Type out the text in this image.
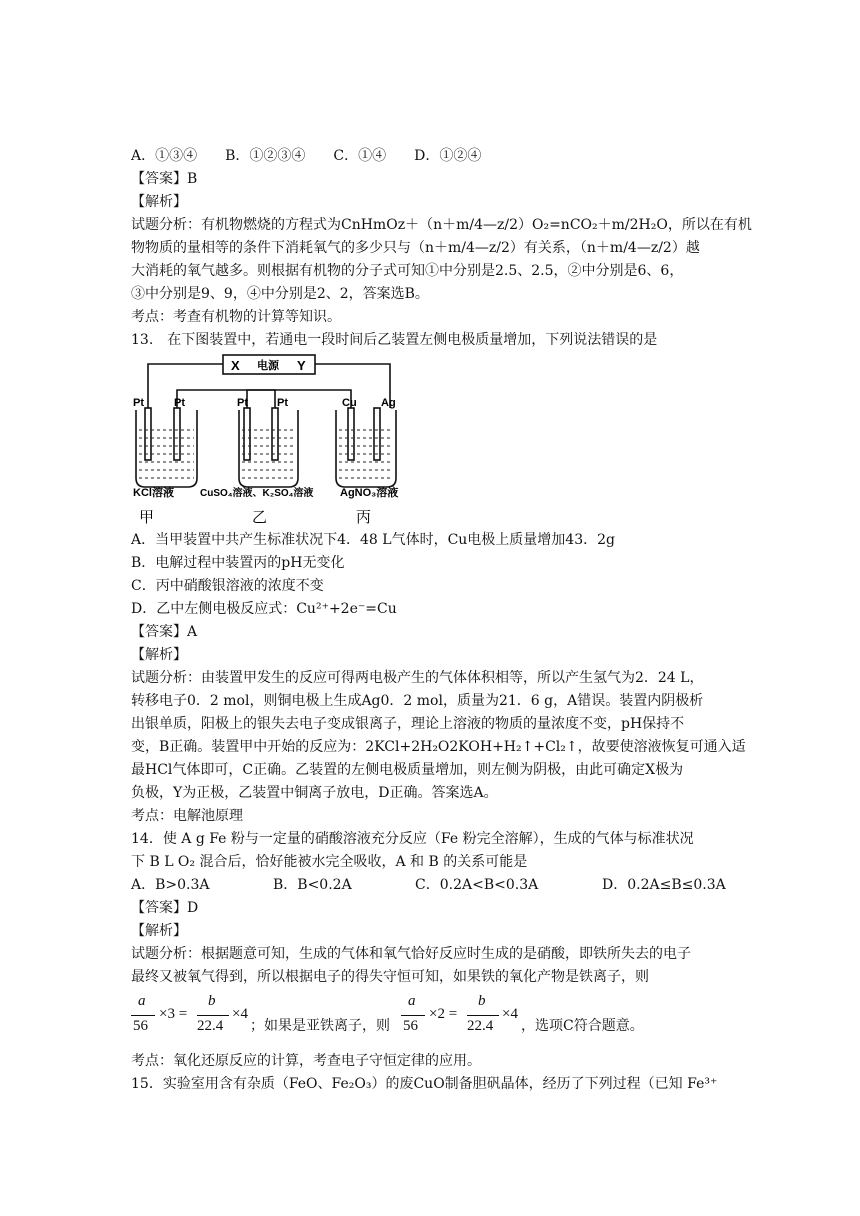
A．①③④　　B．①②③④　　C．①④　　D．①②④
【答案】B
【解析】
试题分析：有机物燃烧的方程式为CnHmOz＋（n＋m/4—z/2）O₂=nCO₂＋m/2H₂O，所以在有机
物物质的量相等的条件下消耗氧气的多少只与（n＋m/4—z/2）有关系，（n＋m/4—z/2）越
大消耗的氧气越多。则根据有机物的分子式可知①中分别是2.5、2.5，②中分别是6、6，
③中分别是9、9，④中分别是2、2，答案选B。
考点：考查有机物的计算等知识。
13.　在下图装置中，若通电一段时间后乙装置左侧电极质量增加，下列说法错误的是
X 电源 Y
Pt	Pt	Pt	Pt	Cu Ag
KCl溶液	CuSO₄溶液、K₂SO₄溶液 AgNO₃溶液
甲	乙	丙
A．当甲装置中共产生标准状况下4．48 L气体时，Cu电极上质量增加43．2g
B．电解过程中装置丙的pH无变化
C．丙中硝酸银溶液的浓度不变
D．乙中左侧电极反应式：Cu²⁺+2e⁻=Cu
【答案】A
【解析】
试题分析：由装置甲发生的反应可得两电极产生的气体体积相等，所以产生氢气为2．24 L，
转移电子0．2 mol，则铜电极上生成Ag0．2 mol，质量为21．6 g，A错误。装置内阴极析
出银单质，阳极上的银失去电子变成银离子，理论上溶液的物质的量浓度不变，pH保持不
变，B正确。装置甲中开始的反应为：2KCl+2H₂O2KOH+H₂↑+Cl₂↑，故要使溶液恢复可通入适
最HCl气体即可，C正确。乙装置的左侧电极质量增加，则左侧为阴极，由此可确定X极为
负极，Y为正极，乙装置中铜离子放电，D正确。答案选A。
考点：电解池原理
14．使 A g Fe 粉与一定量的硝酸溶液充分反应（Fe 粉完全溶解），生成的气体与标准状况
下 B L O₂ 混合后，恰好能被水完全吸收，A 和 B 的关系可能是
A．B>0.3A	B．B<0.2A	C．0.2A<B<0.3A	D．0.2A≤B≤0.3A
【答案】D
【解析】
试题分析：根据题意可知，生成的气体和氧气恰好反应时生成的是硝酸，即铁所失去的电子
最终又被氧气得到，所以根据电子的得失守恒可知，如果铁的氧化产物是铁离子，则
a
56
×3 =
b
22.4
×4
；如果是亚铁离子，则
a
56
×2 =
b
22.4
×4
，选项C符合题意。
考点：氧化还原反应的计算，考查电子守恒定律的应用。
15．实验室用含有杂质（FeO、Fe₂O₃）的废CuO制备胆矾晶体，经历了下列过程（已知 Fe³⁺
